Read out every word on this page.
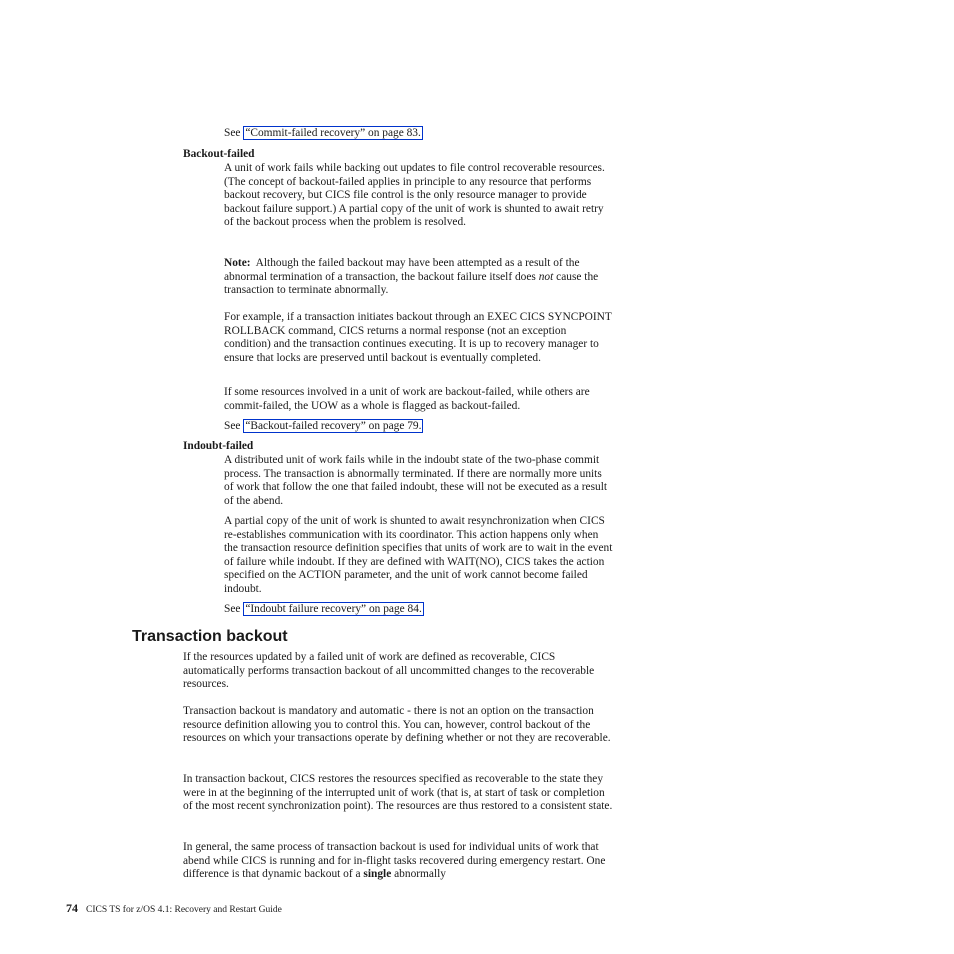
See “Commit-failed recovery” on page 83.

Backout-failed

A unit of work fails while backing out updates to file control recoverable resources. (The concept of backout-failed applies in principle to any resource that performs backout recovery, but CICS file control is the only resource manager to provide backout failure support.) A partial copy of the unit of work is shunted to await retry of the backout process when the problem is resolved.

Note: Although the failed backout may have been attempted as a result of the abnormal termination of a transaction, the backout failure itself does not cause the transaction to terminate abnormally.

For example, if a transaction initiates backout through an EXEC CICS SYNCPOINT ROLLBACK command, CICS returns a normal response (not an exception condition) and the transaction continues executing. It is up to recovery manager to ensure that locks are preserved until backout is eventually completed.

If some resources involved in a unit of work are backout-failed, while others are commit-failed, the UOW as a whole is flagged as backout-failed.

See “Backout-failed recovery” on page 79.

Indoubt-failed

A distributed unit of work fails while in the indoubt state of the two-phase commit process. The transaction is abnormally terminated. If there are normally more units of work that follow the one that failed indoubt, these will not be executed as a result of the abend.

A partial copy of the unit of work is shunted to await resynchronization when CICS re-establishes communication with its coordinator. This action happens only when the transaction resource definition specifies that units of work are to wait in the event of failure while indoubt. If they are defined with WAIT(NO), CICS takes the action specified on the ACTION parameter, and the unit of work cannot become failed indoubt.

See “Indoubt failure recovery” on page 84.

Transaction backout

If the resources updated by a failed unit of work are defined as recoverable, CICS automatically performs transaction backout of all uncommitted changes to the recoverable resources.

Transaction backout is mandatory and automatic - there is not an option on the transaction resource definition allowing you to control this. You can, however, control backout of the resources on which your transactions operate by defining whether or not they are recoverable.

In transaction backout, CICS restores the resources specified as recoverable to the state they were in at the beginning of the interrupted unit of work (that is, at start of task or completion of the most recent synchronization point). The resources are thus restored to a consistent state.

In general, the same process of transaction backout is used for individual units of work that abend while CICS is running and for in-flight tasks recovered during emergency restart. One difference is that dynamic backout of a single abnormally

74 CICS TS for z/OS 4.1: Recovery and Restart Guide
